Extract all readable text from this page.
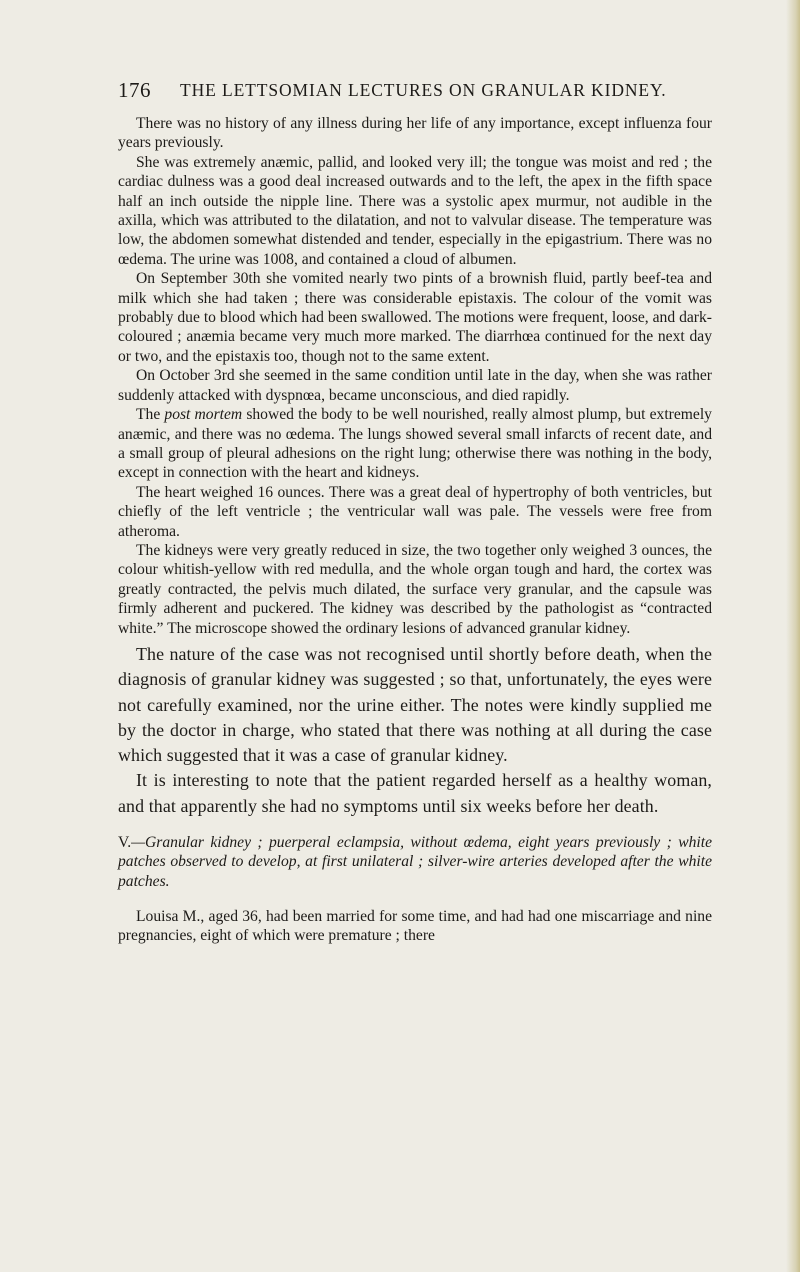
176 THE LETTSOMIAN LECTURES ON GRANULAR KIDNEY.

There was no history of any illness during her life of any importance, except influenza four years previously.

She was extremely anæmic, pallid, and looked very ill; the tongue was moist and red ; the cardiac dulness was a good deal increased outwards and to the left, the apex in the fifth space half an inch outside the nipple line. There was a systolic apex murmur, not audible in the axilla, which was attributed to the dilatation, and not to valvular disease. The temperature was low, the abdomen somewhat distended and tender, especially in the epigastrium. There was no œdema. The urine was 1008, and contained a cloud of albumen.

On September 30th she vomited nearly two pints of a brownish fluid, partly beef-tea and milk which she had taken ; there was considerable epistaxis. The colour of the vomit was probably due to blood which had been swallowed. The motions were frequent, loose, and dark-coloured ; anæmia became very much more marked. The diarrhœa continued for the next day or two, and the epistaxis too, though not to the same extent.

On October 3rd she seemed in the same condition until late in the day, when she was rather suddenly attacked with dyspnœa, became unconscious, and died rapidly.

The post mortem showed the body to be well nourished, really almost plump, but extremely anæmic, and there was no œdema. The lungs showed several small infarcts of recent date, and a small group of pleural adhesions on the right lung; otherwise there was nothing in the body, except in connection with the heart and kidneys.

The heart weighed 16 ounces. There was a great deal of hypertrophy of both ventricles, but chiefly of the left ventricle ; the ventricular wall was pale. The vessels were free from atheroma.

The kidneys were very greatly reduced in size, the two together only weighed 3 ounces, the colour whitish-yellow with red medulla, and the whole organ tough and hard, the cortex was greatly contracted, the pelvis much dilated, the surface very granular, and the capsule was firmly adherent and puckered. The kidney was described by the pathologist as “contracted white.” The microscope showed the ordinary lesions of advanced granular kidney.

The nature of the case was not recognised until shortly before death, when the diagnosis of granular kidney was suggested ; so that, unfortunately, the eyes were not carefully examined, nor the urine either. The notes were kindly supplied me by the doctor in charge, who stated that there was nothing at all during the case which suggested that it was a case of granular kidney.

It is interesting to note that the patient regarded herself as a healthy woman, and that apparently she had no symptoms until six weeks before her death.

V.—Granular kidney ; puerperal eclampsia, without œdema, eight years previously ; white patches observed to develop, at first unilateral ; silver-wire arteries developed after the white patches.

Louisa M., aged 36, had been married for some time, and had had one miscarriage and nine pregnancies, eight of which were premature ; there
